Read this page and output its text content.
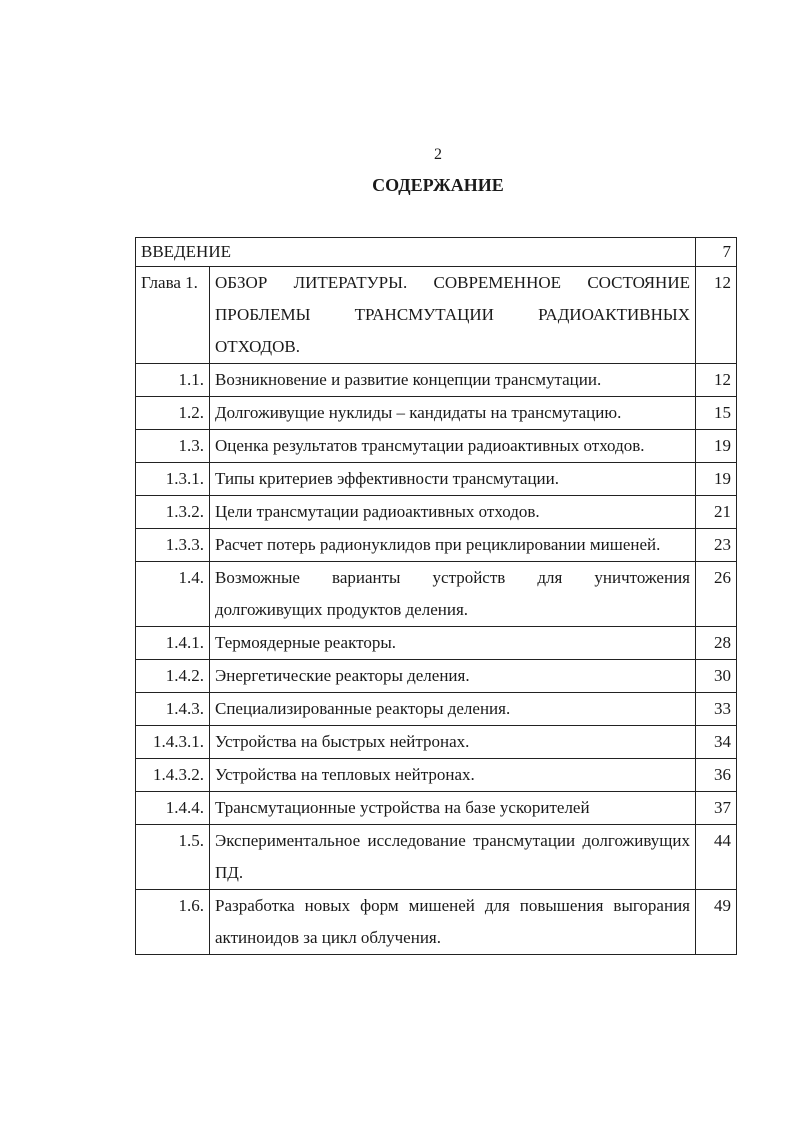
2
СОДЕРЖАНИЕ
ВВЕДЕНИЕ		7
Глава 1.	ОБЗОР ЛИТЕРАТУРЫ. СОВРЕМЕННОЕ СОСТОЯНИЕ ПРОБЛЕМЫ ТРАНСМУТАЦИИ РАДИОАКТИВНЫХ ОТХОДОВ.	12
1.1.	Возникновение и развитие концепции трансмутации.	12
1.2.	Долгоживущие нуклиды – кандидаты на трансмутацию.	15
1.3.	Оценка результатов трансмутации радиоактивных отходов.	19
1.3.1.	Типы критериев эффективности трансмутации.	19
1.3.2.	Цели трансмутации радиоактивных отходов.	21
1.3.3.	Расчет потерь радионуклидов при рециклировании мишеней.	23
1.4.	Возможные варианты устройств для уничтожения долгоживущих продуктов деления.	26
1.4.1.	Термоядерные реакторы.	28
1.4.2.	Энергетические реакторы деления.	30
1.4.3.	Специализированные реакторы деления.	33
1.4.3.1.	Устройства на быстрых нейтронах.	34
1.4.3.2.	Устройства на тепловых нейтронах.	36
1.4.4.	Трансмутационные устройства на базе ускорителей	37
1.5.	Экспериментальное исследование трансмутации долгоживущих ПД.	44
1.6.	Разработка новых форм мишеней для повышения выгорания актиноидов за цикл облучения.	49
